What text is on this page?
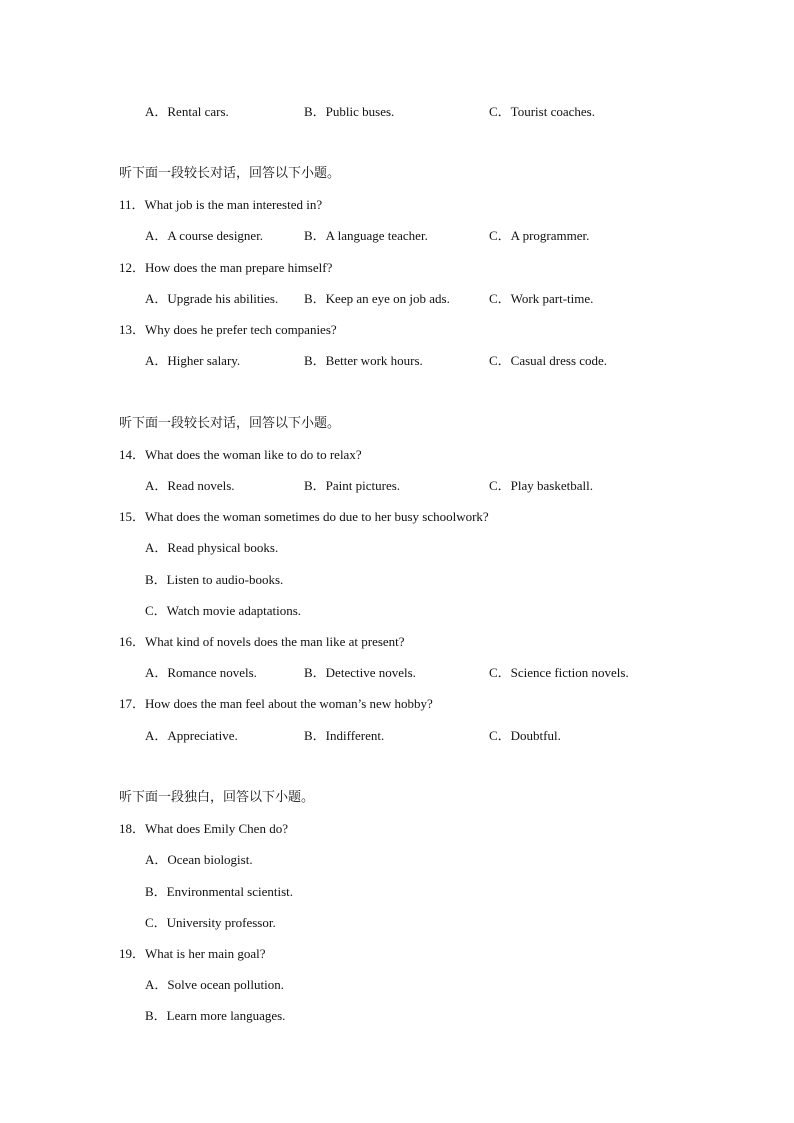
A．Rental cars.	B．Public buses.	C．Tourist coaches.
听下面一段较长对话，回答以下小题。
11．What job is the man interested in?
A．A course designer.	B．A language teacher.	C．A programmer.
12．How does the man prepare himself?
A．Upgrade his abilities. B．Keep an eye on job ads.	C．Work part-time.
13．Why does he prefer tech companies?
A．Higher salary.	B．Better work hours.	C．Casual dress code.
听下面一段较长对话，回答以下小题。
14．What does the woman like to do to relax?
A．Read novels.	B．Paint pictures.	C．Play basketball.
15．What does the woman sometimes do due to her busy schoolwork?
A．Read physical books.
B．Listen to audio-books.
C．Watch movie adaptations.
16．What kind of novels does the man like at present?
A．Romance novels.	B．Detective novels.	C．Science fiction novels.
17．How does the man feel about the woman’s new hobby?
A．Appreciative.	B．Indifferent.	C．Doubtful.
听下面一段独白，回答以下小题。
18．What does Emily Chen do?
A．Ocean biologist.
B．Environmental scientist.
C．University professor.
19．What is her main goal?
A．Solve ocean pollution.
B．Learn more languages.
